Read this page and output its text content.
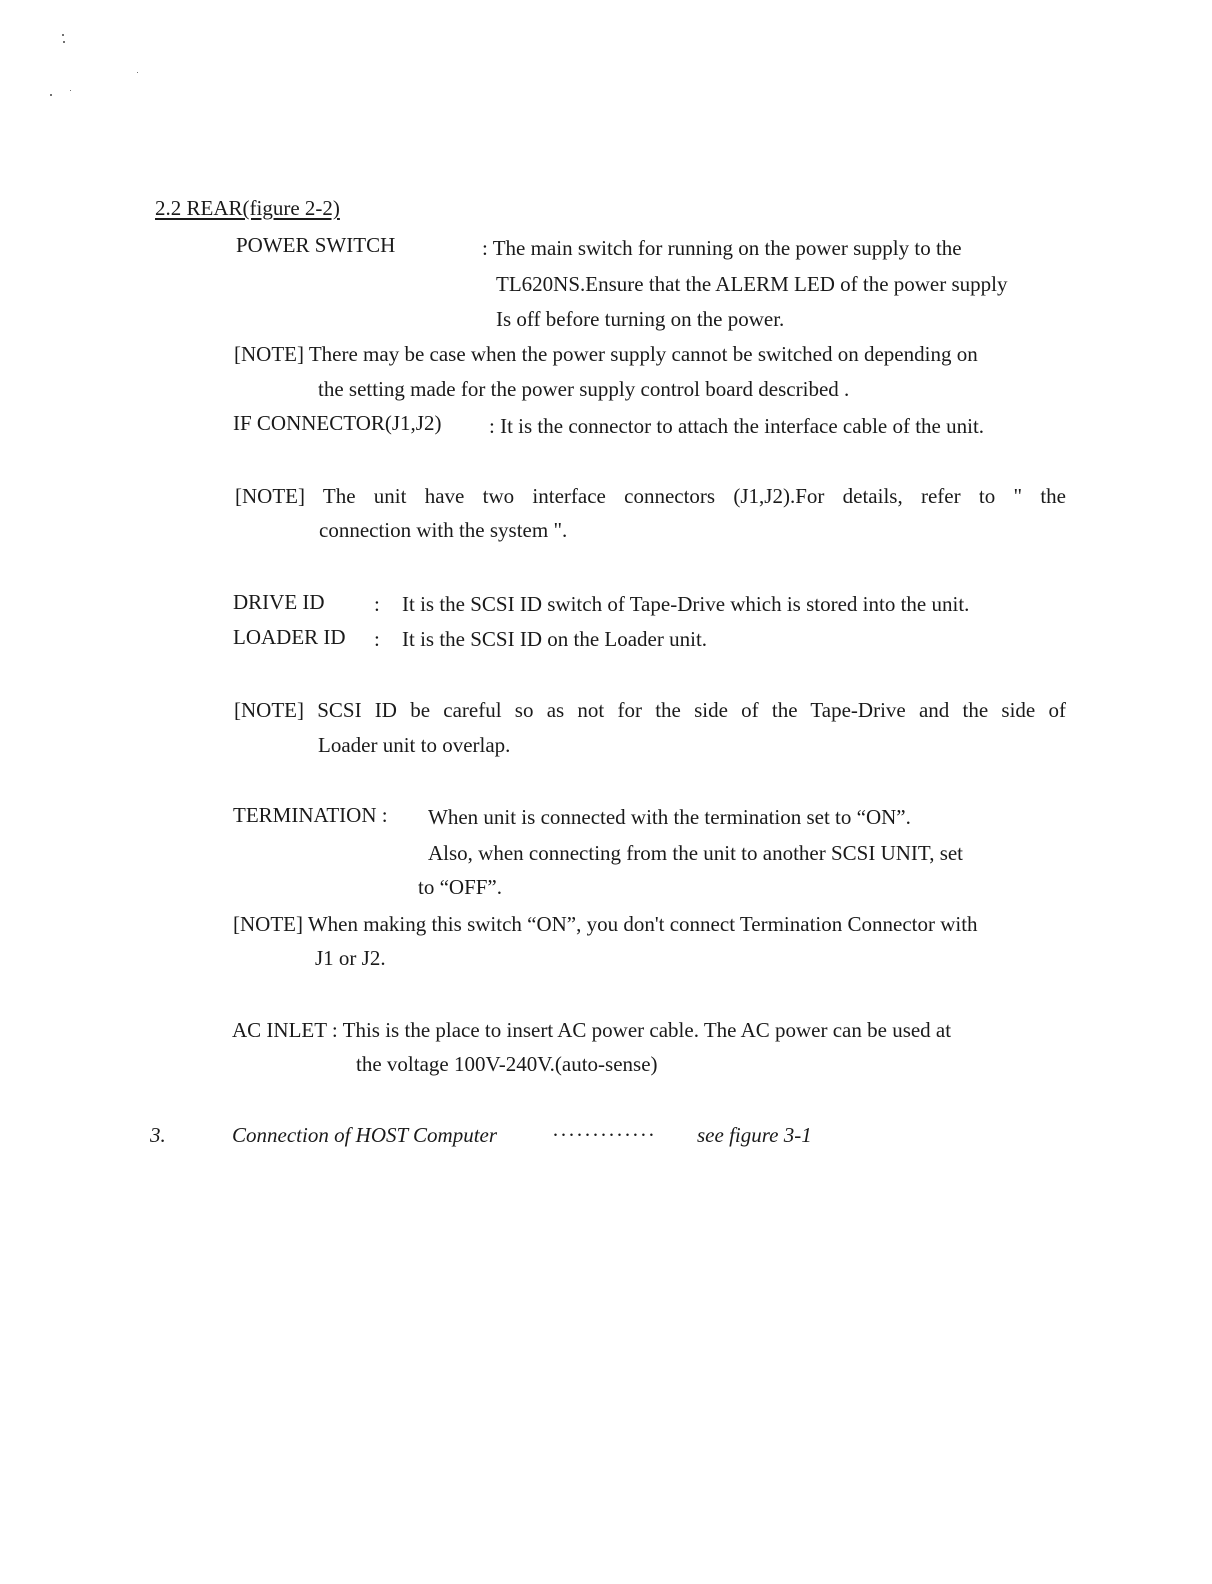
2.2 REAR(figure 2-2)
POWER SWITCH	: The main switch for running on the power supply to the
TL620NS.Ensure that the ALERM LED of the power supply
Is off before turning on the power.
[NOTE] There may be case when the power supply cannot be switched on depending on
the setting made for the power supply control board described .
IF CONNECTOR(J1,J2) : It is the connector to attach the interface cable of the unit.
[NOTE] The unit have two interface connectors (J1,J2).For details, refer to " the
connection with the system ".
DRIVE ID : It is the SCSI ID switch of Tape-Drive which is stored into the unit.
LOADER ID : It is the SCSI ID on the Loader unit.
[NOTE] SCSI ID be careful so as not for the side of the Tape-Drive and the side of
Loader unit to overlap.
TERMINATION : When unit is connected with the termination set to “ON”.
Also, when connecting from the unit to another SCSI UNIT, set
to “OFF”.
[NOTE] When making this switch “ON”, you don't connect Termination Connector with
J1 or J2.
AC INLET : This is the place to insert AC power cable. The AC power can be used at
the voltage 100V-240V.(auto-sense)
3.	Connection of HOST Computer	············· see figure 3-1
